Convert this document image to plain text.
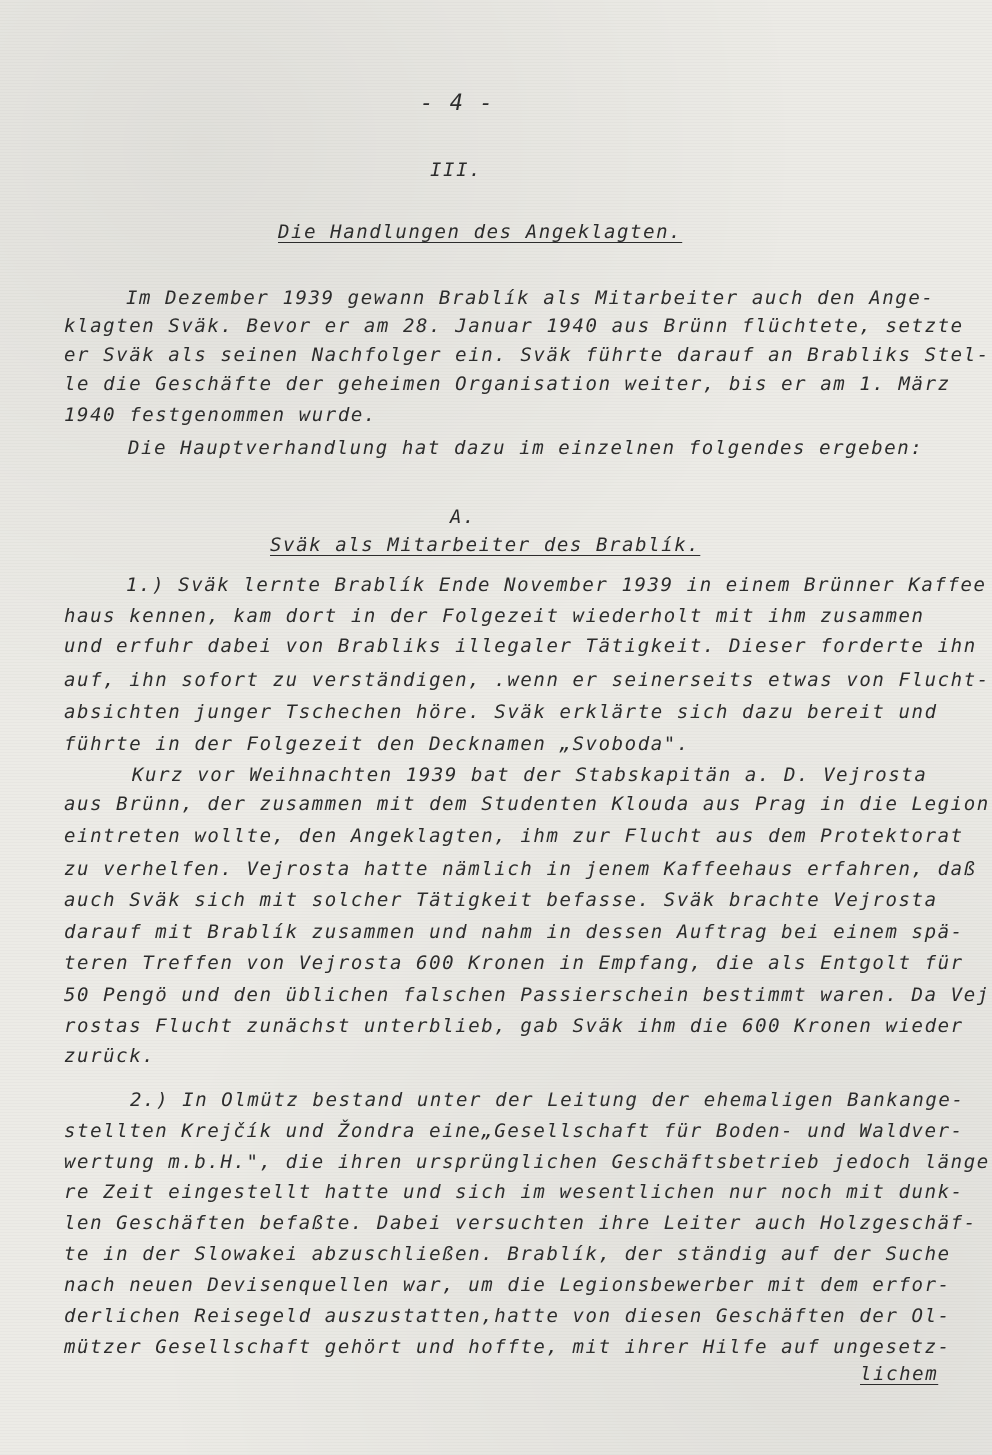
- 4 -
III.
Die Handlungen des Angeklagten.
Im Dezember 1939 gewann Brablík als Mitarbeiter auch den Ange-
klagten Sväk. Bevor er am 28. Januar 1940 aus Brünn flüchtete, setzte
er Sväk als seinen Nachfolger ein. Sväk führte darauf an Brabliks Stel-
le die Geschäfte der geheimen Organisation weiter, bis er am 1. März
1940 festgenommen wurde.
Die Hauptverhandlung hat dazu im einzelnen folgendes ergeben:
A.
Sväk als Mitarbeiter des Brablík.
1.) Sväk lernte Brablík Ende November 1939 in einem Brünner Kaffee
haus kennen, kam dort in der Folgezeit wiederholt mit ihm zusammen
und erfuhr dabei von Brabliks illegaler Tätigkeit. Dieser forderte ihn
auf, ihn sofort zu verständigen, .wenn er seinerseits etwas von Flucht-
absichten junger Tschechen höre. Sväk erklärte sich dazu bereit und
führte in der Folgezeit den Decknamen „Svoboda".
Kurz vor Weihnachten 1939 bat der Stabskapitän a. D. Vejrosta
aus Brünn, der zusammen mit dem Studenten Klouda aus Prag in die Legion
eintreten wollte, den Angeklagten, ihm zur Flucht aus dem Protektorat
zu verhelfen. Vejrosta hatte nämlich in jenem Kaffeehaus erfahren, daß
auch Sväk sich mit solcher Tätigkeit befasse. Sväk brachte Vejrosta
darauf mit Brablík zusammen und nahm in dessen Auftrag bei einem spä-
teren Treffen von Vejrosta 600 Kronen in Empfang, die als Entgolt für
50 Pengö und den üblichen falschen Passierschein bestimmt waren. Da Vej
rostas Flucht zunächst unterblieb, gab Sväk ihm die 600 Kronen wieder
zurück.
2.) In Olmütz bestand unter der Leitung der ehemaligen Bankange-
stellten Krejčík und Žondra eine„Gesellschaft für Boden- und Waldver-
wertung m.b.H.", die ihren ursprünglichen Geschäftsbetrieb jedoch länge
re Zeit eingestellt hatte und sich im wesentlichen nur noch mit dunk-
len Geschäften befaßte. Dabei versuchten ihre Leiter auch Holzgeschäf-
te in der Slowakei abzuschließen. Brablík, der ständig auf der Suche
nach neuen Devisenquellen war, um die Legionsbewerber mit dem erfor-
derlichen Reisegeld auszustatten,hatte von diesen Geschäften der Ol-
mützer Gesellschaft gehört und hoffte, mit ihrer Hilfe auf ungesetz-
lichem
